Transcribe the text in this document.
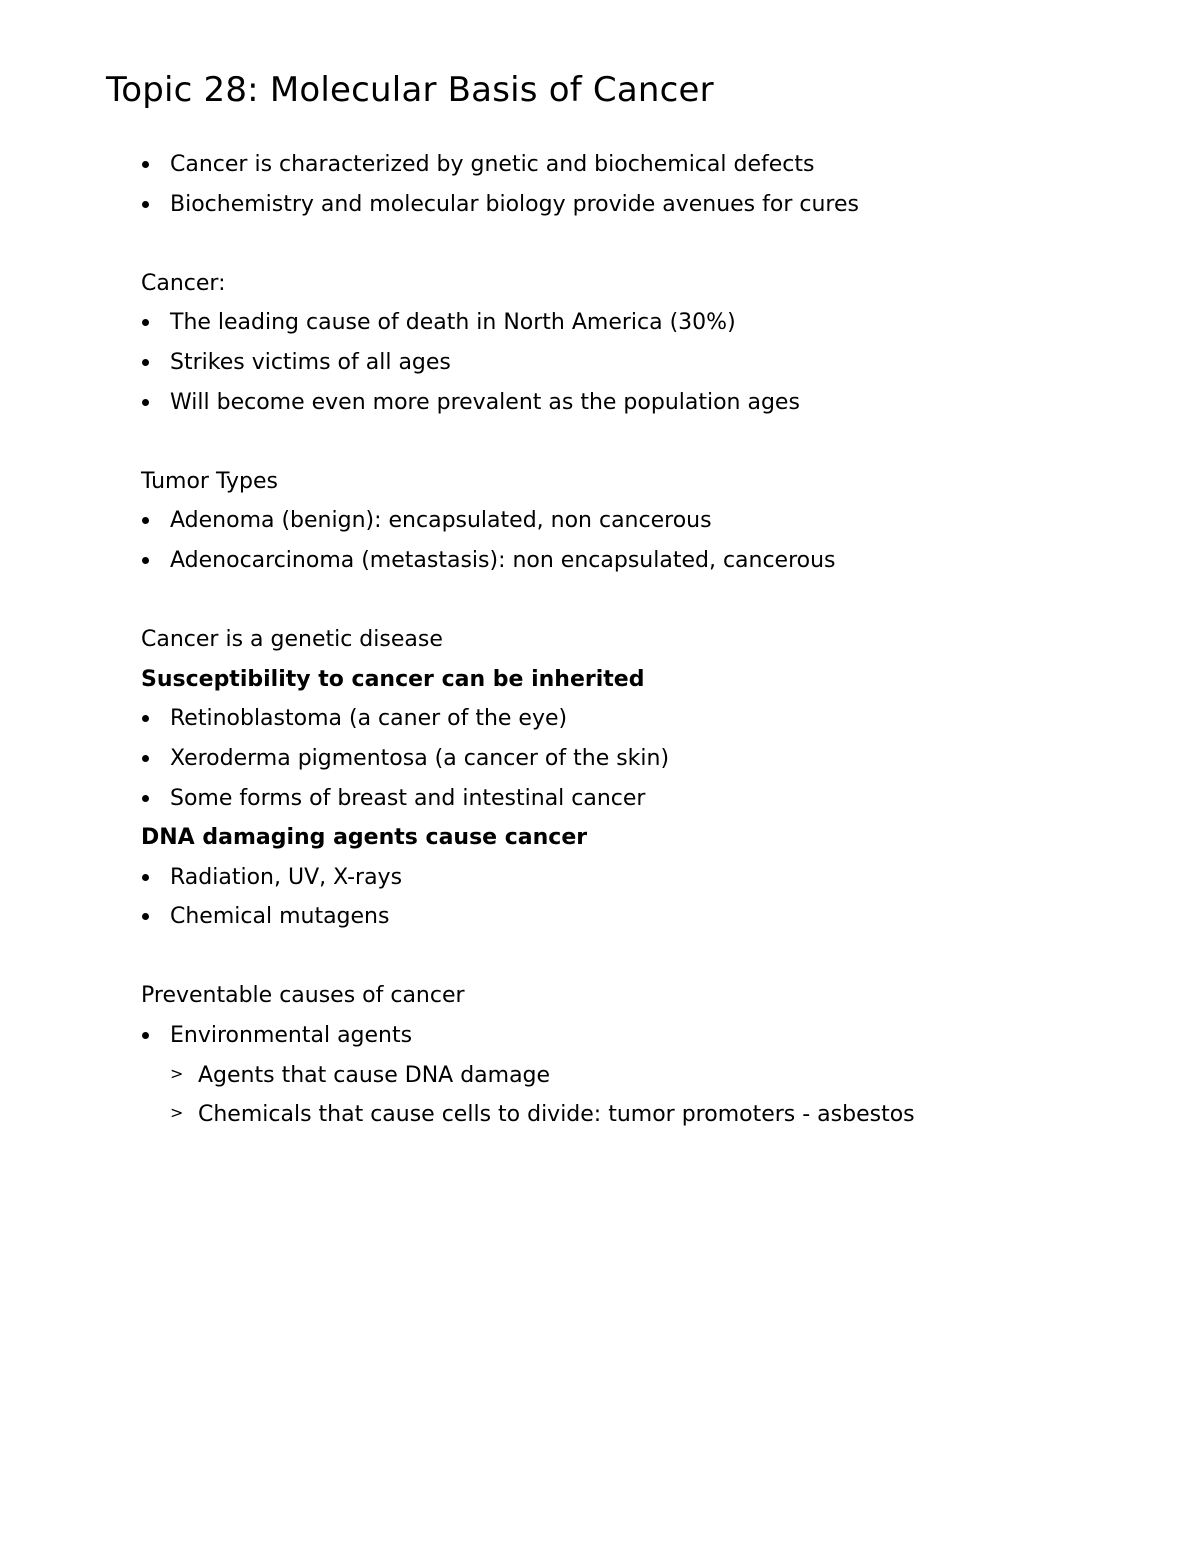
Topic 28: Molecular Basis of Cancer
Cancer is characterized by gnetic and biochemical defects
Biochemistry and molecular biology provide avenues for cures
Cancer:
The leading cause of death in North America (30%)
Strikes victims of all ages
Will become even more prevalent as the population ages
Tumor Types
Adenoma (benign): encapsulated, non cancerous
Adenocarcinoma (metastasis): non encapsulated, cancerous
Cancer is a genetic disease
Susceptibility to cancer can be inherited
Retinoblastoma (a caner of the eye)
Xeroderma pigmentosa (a cancer of the skin)
Some forms of breast and intestinal cancer
DNA damaging agents cause cancer
Radiation, UV, X-rays
Chemical mutagens
Preventable causes of cancer
Environmental agents
> Agents that cause DNA damage
> Chemicals that cause cells to divide: tumor promoters - asbestos
